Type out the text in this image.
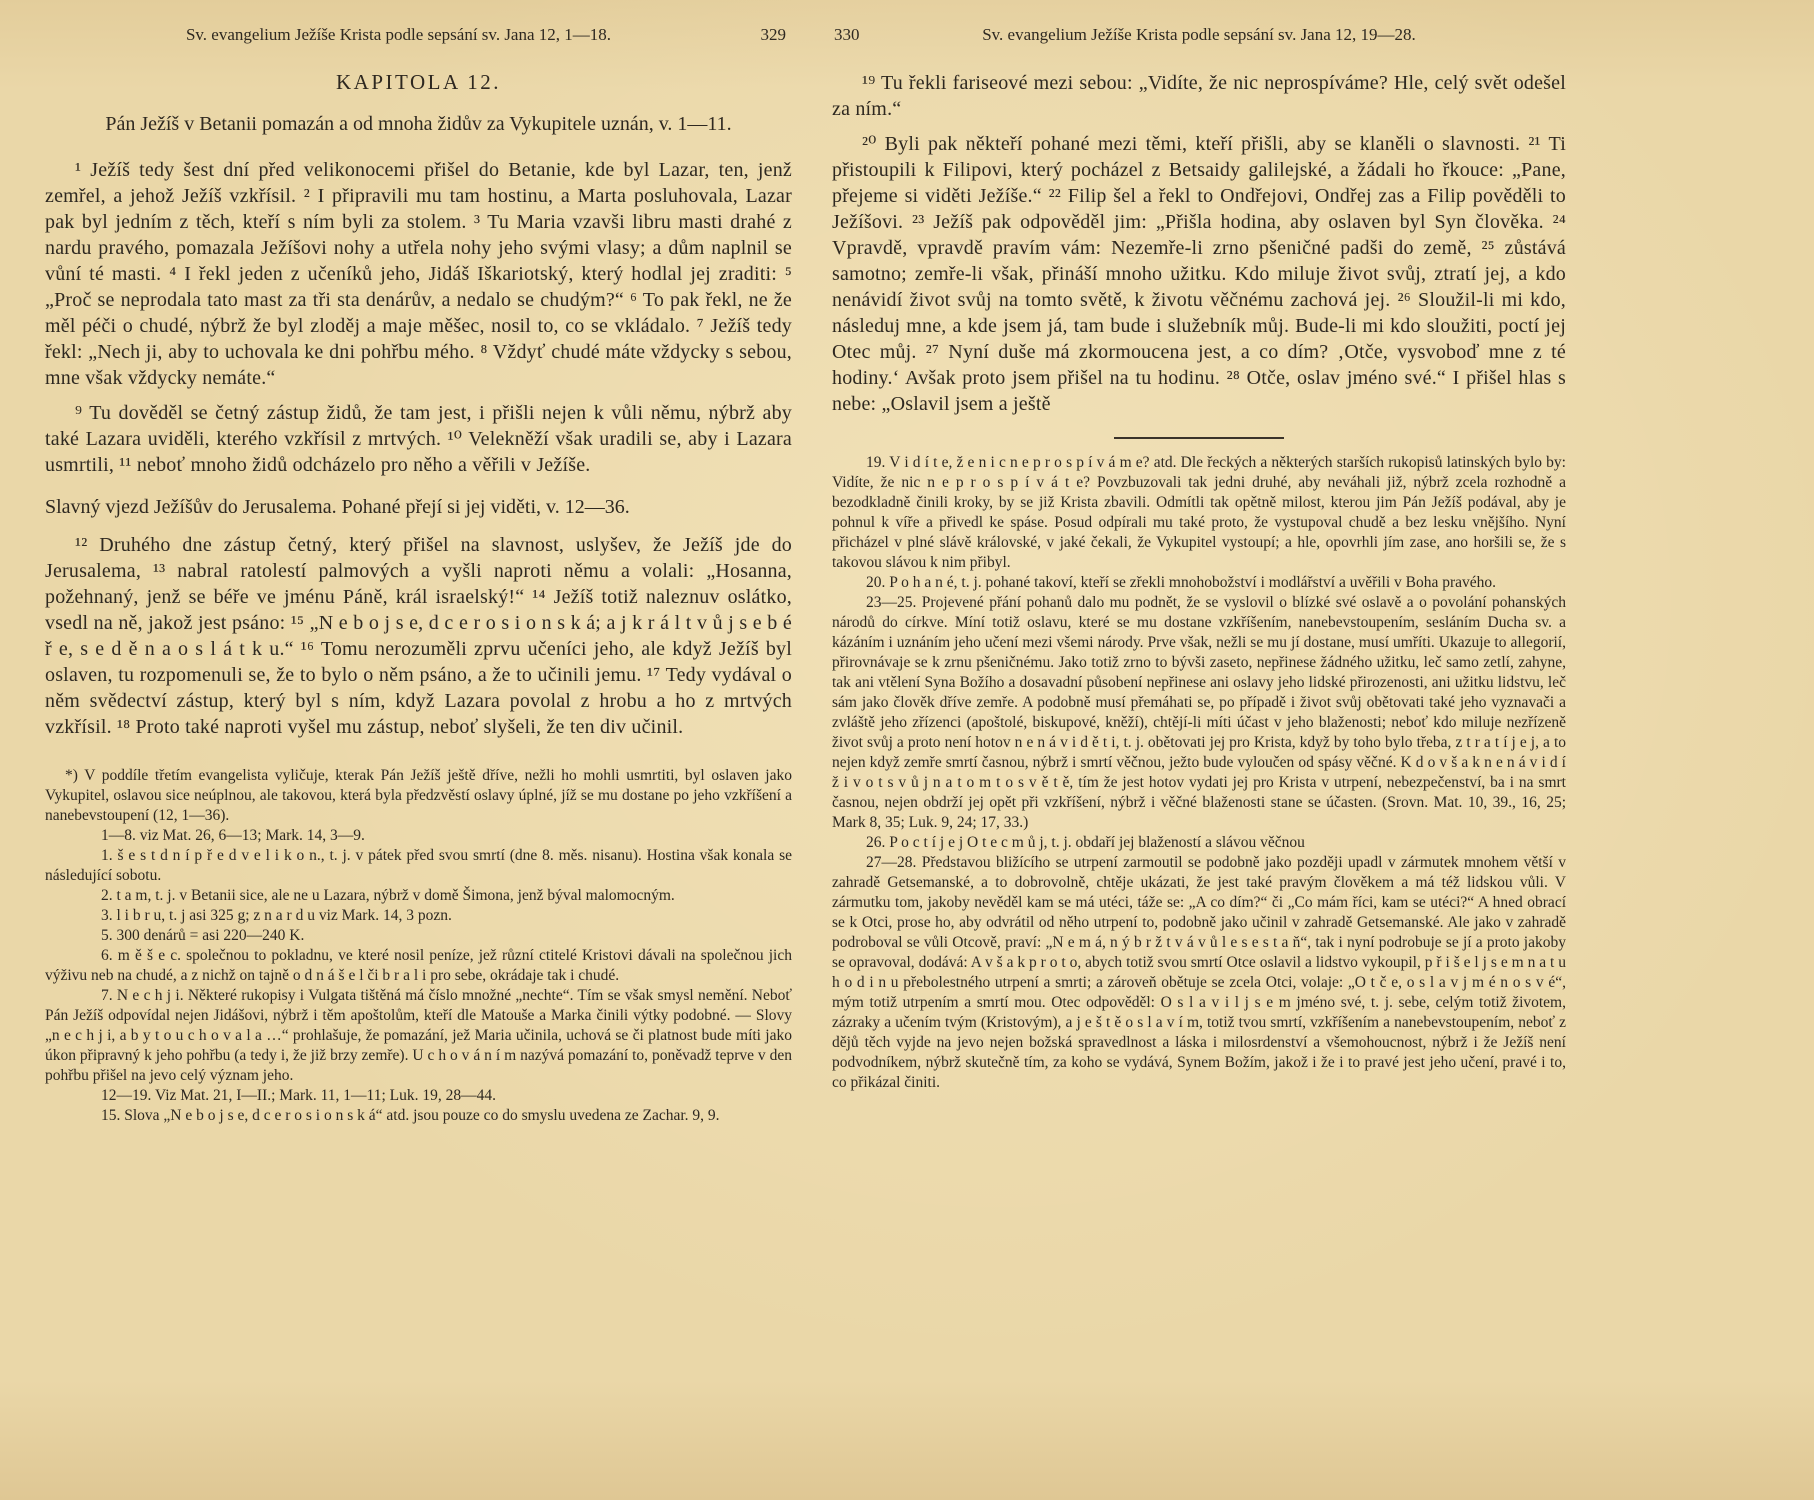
Sv. evangelium Ježíše Krista podle sepsání sv. Jana 12, 1—18.	329
KAPITOLA 12.

Pán Ježíš v Betanii pomazán a od mnoha židův za Vykupitele uznán, v. 1—11.

¹ Ježíš tedy šest dní před velikonocemi přišel do Betanie, kde byl Lazar, ten, jenž zemřel, a jehož Ježíš vzkřísil. ² I připravili mu tam hostinu, a Marta posluhovala, Lazar pak byl jedním z těch, kteří s ním byli za stolem. ³ Tu Maria vzavši libru masti drahé z nardu pravého, pomazala Ježíšovi nohy a utřela nohy jeho svými vlasy; a dům naplnil se vůní té masti. ⁴ I řekl jeden z učeníků jeho, Jidáš Iškariotský, který hodlal jej zraditi: ⁵ „Proč se neprodala tato mast za tři sta denárův, a nedalo se chudým?“ ⁶ To pak řekl, ne že měl péči o chudé, nýbrž že byl zloděj a maje měšec, nosil to, co se vkládalo. ⁷ Ježíš tedy řekl: „Nech ji, aby to uchovala ke dni pohřbu mého. ⁸ Vždyť chudé máte vždycky s sebou, mne však vždycky nemáte.“

⁹ Tu dověděl se četný zástup židů, že tam jest, i přišli nejen k vůli němu, nýbrž aby také Lazara uviděli, kterého vzkřísil z mrtvých. ¹⁰ Velekněží však uradili se, aby i Lazara usmrtili, ¹¹ neboť mnoho židů odcházelo pro něho a věřili v Ježíše.

Slavný vjezd Ježíšův do Jerusalema. Pohané přejí si jej viděti, v. 12—36.

¹² Druhého dne zástup četný, který přišel na slavnost, uslyšev, že Ježíš jde do Jerusalema, ¹³ nabral ratolestí palmových a vyšli naproti němu a volali: „Hosanna, požehnaný, jenž se béře ve jménu Páně, král israelský!“ ¹⁴ Ježíš totiž naleznuv oslátko, vsedl na ně, jakož jest psáno: ¹⁵ „N e b o j s e, d c e r o s i o n s k á; a j k r á l t v ů j s e b é ř e, s e d ě n a o s l á t k u.“ ¹⁶ Tomu nerozuměli zprvu učeníci jeho, ale když Ježíš byl oslaven, tu rozpomenuli se, že to bylo o něm psáno, a že to učinili jemu. ¹⁷ Tedy vydával o něm svědectví zástup, který byl s ním, když Lazara povolal z hrobu a ho z mrtvých vzkřísil. ¹⁸ Proto také naproti vyšel mu zástup, neboť slyšeli, že ten div učinil.

*) V poddíle třetím evangelista vyličuje, kterak Pán Ježíš ještě dříve, nežli ho mohli usmrtiti, byl oslaven jako Vykupitel, oslavou sice neúplnou, ale takovou, která byla předzvěstí oslavy úplné, jíž se mu dostane po jeho vzkříšení a nanebevstoupení (12, 1—36).

1—8. viz Mat. 26, 6—13; Mark. 14, 3—9.

1. š e s t d n í p ř e d v e l i k o n., t. j. v pátek před svou smrtí (dne 8. měs. nisanu). Hostina však konala se následující sobotu.

2. t a m, t. j. v Betanii sice, ale ne u Lazara, nýbrž v domě Šimona, jenž býval malomocným.

3. l i b r u, t. j asi 325 g; z n a r d u viz Mark. 14, 3 pozn.

5. 300 denárů = asi 220—240 K.

6. m ě š e c. společnou to pokladnu, ve které nosil peníze, jež různí ctitelé Kristovi dávali na společnou jich výživu neb na chudé, a z nichž on tajně o d n á š e l či b r a l i pro sebe, okrádaje tak i chudé.

7. N e c h j i. Některé rukopisy i Vulgata tištěná má číslo množné „nechte“. Tím se však smysl nemění. Neboť Pán Ježíš odpovídal nejen Jidášovi, nýbrž i těm apoštolům, kteří dle Matouše a Marka činili výtky podobné. — Slovy „n e c h j i, a b y t o u c h o v a l a …“ prohlašuje, že pomazání, jež Maria učinila, uchová se či platnost bude míti jako úkon připravný k jeho pohřbu (a tedy i, že již brzy zemře). U c h o v á n í m nazývá pomazání to, poněvadž teprve v den pohřbu přišel na jevo celý význam jeho.

12—19. Viz Mat. 21, I—II.; Mark. 11, 1—11; Luk. 19, 28—44.

15. Slova „N e b o j s e, d c e r o s i o n s k á“ atd. jsou pouze co do smyslu uvedena ze Zachar. 9, 9.

330	Sv. evangelium Ježíše Krista podle sepsání sv. Jana 12, 19—28.

¹⁹ Tu řekli fariseové mezi sebou: „Vidíte, že nic neprospíváme? Hle, celý svět odešel za ním.“

²⁰ Byli pak někteří pohané mezi těmi, kteří přišli, aby se klaněli o slavnosti. ²¹ Ti přistoupili k Filipovi, který pocházel z Betsaidy galilejské, a žádali ho řkouce: „Pane, přejeme si viděti Ježíše.“ ²² Filip šel a řekl to Ondřejovi, Ondřej zas a Filip pověděli to Ježíšovi. ²³ Ježíš pak odpověděl jim: „Přišla hodina, aby oslaven byl Syn člověka. ²⁴ Vpravdě, vpravdě pravím vám: Nezemře-li zrno pšeničné padši do země, ²⁵ zůstává samotno; zemře-li však, přináší mnoho užitku. Kdo miluje život svůj, ztratí jej, a kdo nenávidí život svůj na tomto světě, k životu věčnému zachová jej. ²⁶ Sloužil-li mi kdo, následuj mne, a kde jsem já, tam bude i služebník můj. Bude-li mi kdo sloužiti, poctí jej Otec můj. ²⁷ Nyní duše má zkormoucena jest, a co dím? ‚Otče, vysvoboď mne z té hodiny.‘ Avšak proto jsem přišel na tu hodinu. ²⁸ Otče, oslav jméno své.“ I přišel hlas s nebe: „Oslavil jsem a ještě

19. V i d í t e, ž e n i c n e p r o s p í v á m e? atd. Dle řeckých a některých starších rukopisů latinských bylo by: Vidíte, že nic n e p r o s p í v á t e? Povzbuzovali tak jedni druhé, aby neváhali již, nýbrž zcela rozhodně a bezodkladně činili kroky, by se již Krista zbavili. Odmítli tak opětně milost, kterou jim Pán Ježíš podával, aby je pohnul k víře a přivedl ke spáse. Posud odpírali mu také proto, že vystupoval chudě a bez lesku vnějšího. Nyní přicházel v plné slávě královské, v jaké čekali, že Vykupitel vystoupí; a hle, opovrhli jím zase, ano horšili se, že s takovou slávou k nim přibyl.

20. P o h a n é, t. j. pohané takoví, kteří se zřekli mnohobožství i modlářství a uvěřili v Boha pravého.

23—25. Projevené přání pohanů dalo mu podnět, že se vyslovil o blízké své oslavě a o povolání pohanských národů do církve. Míní totiž oslavu, které se mu dostane vzkříšením, nanebevstoupením, sesláním Ducha sv. a kázáním i uznáním jeho učení mezi všemi národy. Prve však, nežli se mu jí dostane, musí umříti. Ukazuje to allegorií, přirovnávaje se k zrnu pšeničnému. Jako totiž zrno to bývši zaseto, nepřinese žádného užitku, leč samo zetlí, zahyne, tak ani vtělení Syna Božího a dosavadní působení nepřinese ani oslavy jeho lidské přirozenosti, ani užitku lidstvu, leč sám jako člověk dříve zemře. A podobně musí přemáhati se, po případě i život svůj obětovati také jeho vyznavači a zvláště jeho zřízenci (apoštolé, biskupové, kněží), chtějí-li míti účast v jeho blaženosti; neboť kdo miluje nezřízeně život svůj a proto není hotov n e n á v i d ě t i, t. j. obětovati jej pro Krista, když by toho bylo třeba, z t r a t í j e j, a to nejen když zemře smrtí časnou, nýbrž i smrtí věčnou, ježto bude vyloučen od spásy věčné. K d o v š a k n e n á v i d í ž i v o t s v ů j n a t o m t o s v ě t ě, tím že jest hotov vydati jej pro Krista v utrpení, nebezpečenství, ba i na smrt časnou, nejen obdrží jej opět při vzkříšení, nýbrž i věčné blaženosti stane se účasten. (Srovn. Mat. 10, 39., 16, 25; Mark 8, 35; Luk. 9, 24; 17, 33.)

26. P o c t í j e j O t e c m ů j, t. j. obdaří jej blažeností a slávou věčnou

27—28. Představou bližícího se utrpení zarmoutil se podobně jako později upadl v zármutek mnohem větší v zahradě Getsemanské, a to dobrovolně, chtěje ukázati, že jest také pravým člověkem a má též lidskou vůli. V zármutku tom, jakoby nevěděl kam se má utéci, táže se: „A co dím?“ či „Co mám říci, kam se utéci?“ A hned obrací se k Otci, prose ho, aby odvrátil od něho utrpení to, podobně jako učinil v zahradě Getsemanské. Ale jako v zahradě podroboval se vůli Otcově, praví: „N e m á, n ý b r ž t v á v ů l e s e s t a ň“, tak i nyní podrobuje se jí a proto jakoby se opravoval, dodává: A v š a k p r o t o, abych totiž svou smrtí Otce oslavil a lidstvo vykoupil, p ř i š e l j s e m n a t u h o d i n u přebolestného utrpení a smrti; a zároveň obětuje se zcela Otci, volaje: „O t č e, o s l a v j m é n o s v é“, mým totiž utrpením a smrtí mou. Otec odpověděl: O s l a v i l j s e m jméno své, t. j. sebe, celým totiž životem, zázraky a učením tvým (Kristovým), a j e š t ě o s l a v í m, totiž tvou smrtí, vzkříšením a nanebevstoupením, neboť z dějů těch vyjde na jevo nejen božská spravedlnost a láska i milosrdenství a všemohoucnost, nýbrž i že Ježíš není podvodníkem, nýbrž skutečně tím, za koho se vydává, Synem Božím, jakož i že i to pravé jest jeho učení, pravé i to, co přikázal činiti.
